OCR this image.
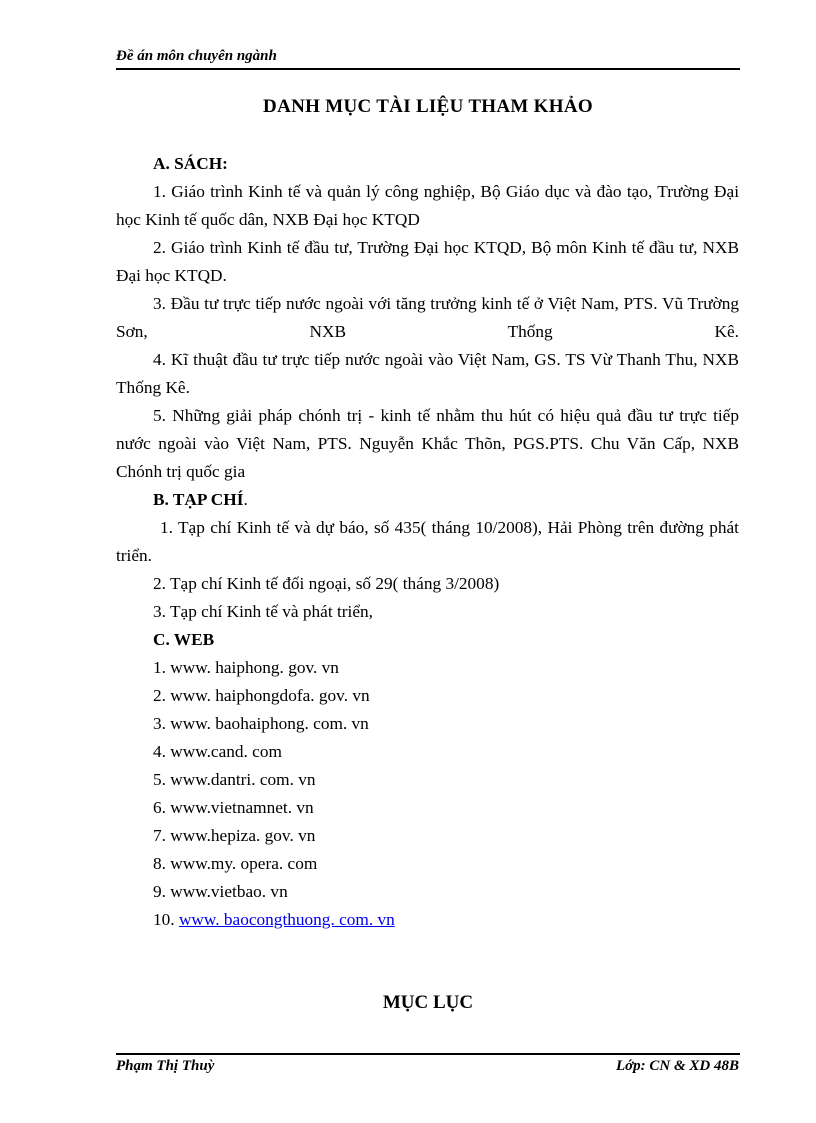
Đề án môn chuyên ngành
DANH MỤC TÀI LIỆU THAM KHẢO

A. SÁCH:

1. Giáo trình Kinh tế và quản lý công nghiệp, Bộ Giáo dục và đào tạo, Trường Đại học Kinh tế quốc dân, NXB Đại học KTQD

2. Giáo trình Kinh tế đầu tư, Trường Đại học KTQD, Bộ môn Kinh tế đầu tư, NXB Đại học KTQD.

3. Đầu tư trực tiếp nước ngoài với tăng trưởng kinh tế ở Việt Nam, PTS. Vũ Trường Sơn, NXB Thống Kê.

4. Kĩ thuật đầu tư trực tiếp nước ngoài vào Việt Nam, GS. TS Vừ Thanh Thu, NXB Thống Kê.

5. Những giải pháp chónh trị - kinh tế nhằm thu hút có hiệu quả đầu tư trực tiếp nước ngoài vào Việt Nam, PTS. Nguyễn Khắc Thõn, PGS.PTS. Chu Văn Cấp, NXB Chónh trị quốc gia

B. TẠP CHÍ.

1. Tạp chí Kinh tế và dự báo, số 435( tháng 10/2008), Hải Phòng trên đường phát triển.

2. Tạp chí Kinh tế đối ngoại, số 29( tháng 3/2008)

3. Tạp chí Kinh tế và phát triển,

C. WEB

1. www. haiphong. gov. vn

2. www. haiphongdofa. gov. vn

3. www. baohaiphong. com. vn

4. www.cand. com

5. www.dantri. com. vn

6. www.vietnamnet. vn

7. www.hepiza. gov. vn

8. www.my. opera. com

9. www.vietbao. vn

10. www. baocongthuong. com. vn

MỤC LỤC
Phạm Thị Thuỳ	Lớp: CN & XD 48B
